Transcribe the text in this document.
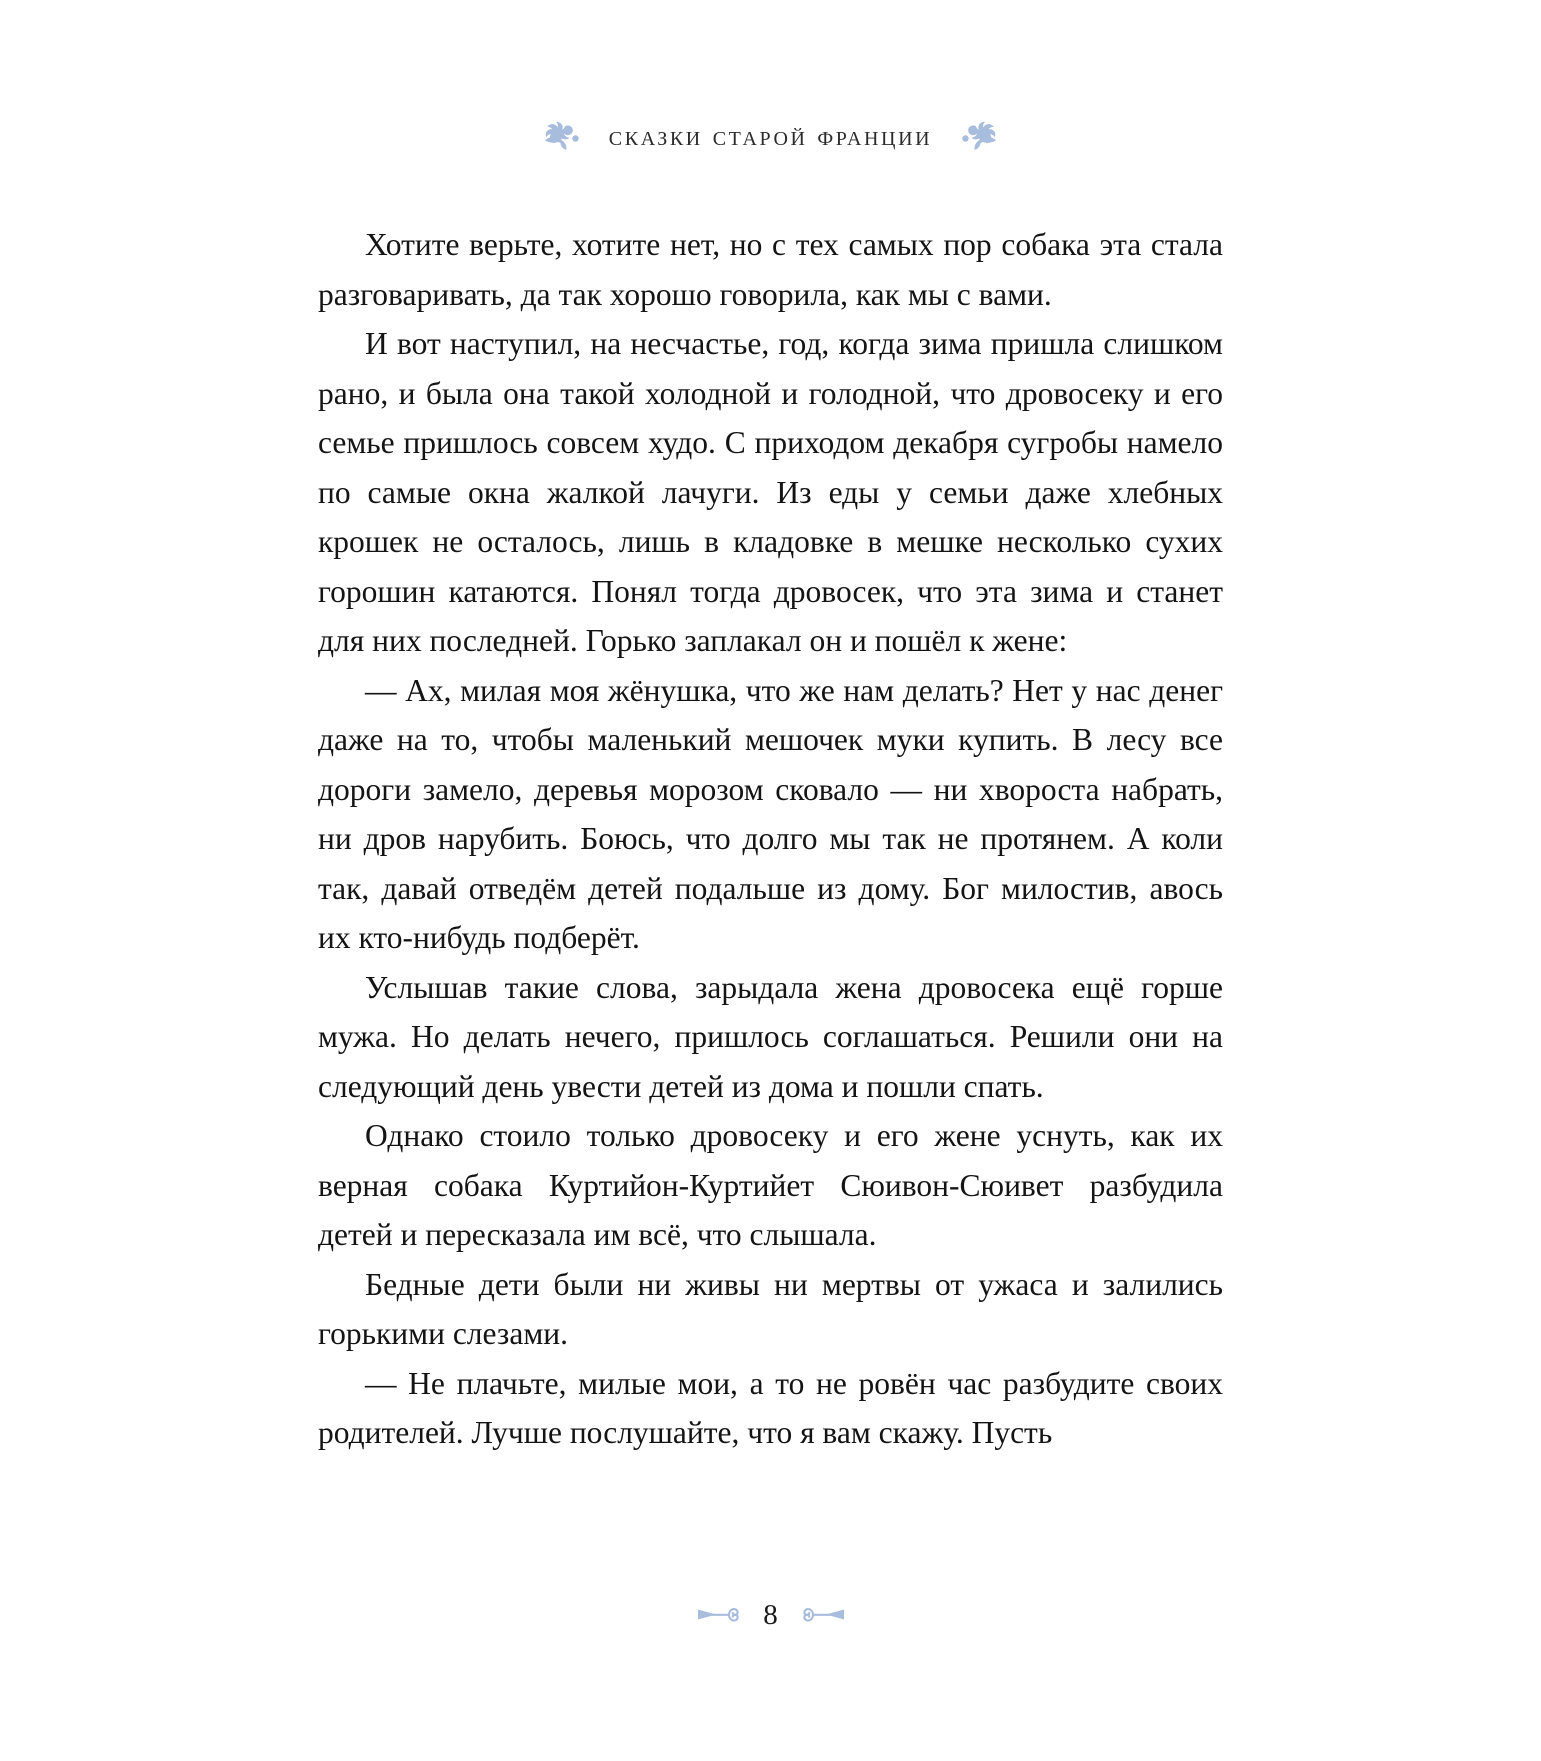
сказки старой франции

Хотите верьте, хотите нет, но с тех самых пор собака эта стала разговаривать, да так хорошо говорила, как мы с вами.

И вот наступил, на несчастье, год, когда зима пришла слишком рано, и была она такой холодной и голодной, что дровосеку и его семье пришлось совсем худо. С приходом декабря сугробы намело по самые окна жалкой лачуги. Из еды у семьи даже хлебных крошек не осталось, лишь в кладовке в мешке несколько сухих горошин катаются. Понял тогда дровосек, что эта зима и станет для них последней. Горько заплакал он и пошёл к жене:

— Ах, милая моя жёнушка, что же нам делать? Нет у нас денег даже на то, чтобы маленький мешочек муки купить. В лесу все дороги замело, деревья морозом сковало — ни хвороста набрать, ни дров нарубить. Боюсь, что долго мы так не протянем. А коли так, давай отведём детей подальше из дому. Бог милостив, авось их кто-нибудь подберёт.

Услышав такие слова, зарыдала жена дровосека ещё горше мужа. Но делать нечего, пришлось соглашаться. Решили они на следующий день увести детей из дома и пошли спать.

Однако стоило только дровосеку и его жене уснуть, как их верная собака Куртийон-Куртийет Сюивон-Сюивет разбудила детей и пересказала им всё, что слышала.

Бедные дети были ни живы ни мертвы от ужаса и залились горькими слезами.

— Не плачьте, милые мои, а то не ровён час разбудите своих родителей. Лучше послушайте, что я вам скажу. Пусть

8
